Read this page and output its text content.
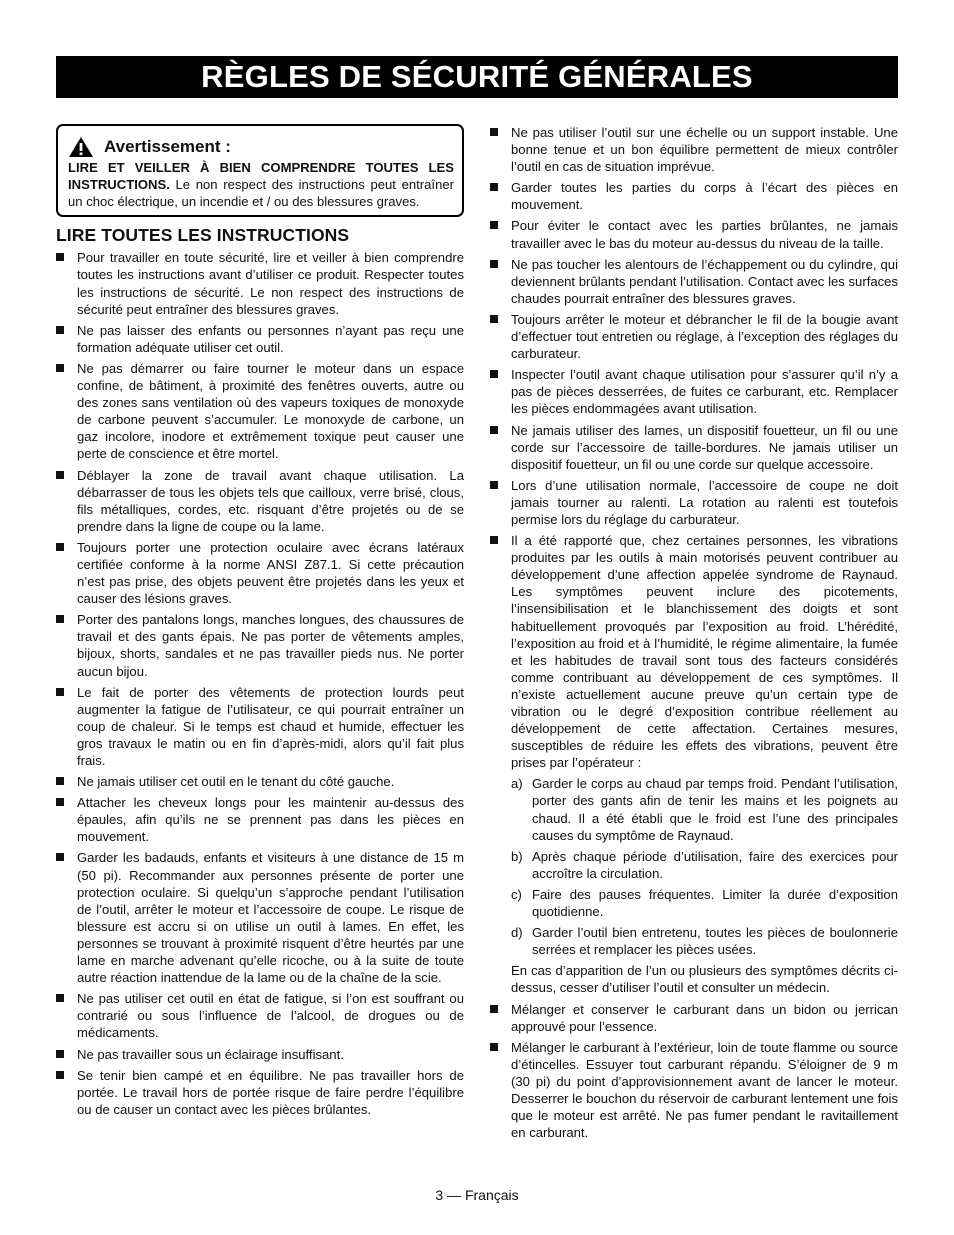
RÈGLES DE SÉCURITÉ GÉNÉRALES
Avertissement :
LIRE ET VEILLER À BIEN COMPRENDRE TOUTES LES INSTRUCTIONS. Le non respect des instructions peut entraîner un choc électrique, un incendie et / ou des blessures graves.
LIRE TOUTES LES INSTRUCTIONS
Pour travailler en toute sécurité, lire et veiller à bien comprendre toutes les instructions avant d’utiliser ce produit. Respecter toutes les instructions de sécurité. Le non respect des instructions de sécurité peut entraîner des blessures graves.
Ne pas laisser des enfants ou personnes n’ayant pas reçu une formation adéquate utiliser cet outil.
Ne pas démarrer ou faire tourner le moteur dans un espace confine, de bâtiment, à proximité des fenêtres ouverts, autre ou des zones sans ventilation où des vapeurs toxiques de monoxyde de carbone peuvent s’accumuler. Le monoxyde de carbone, un gaz incolore, inodore et extrêmement toxique peut causer une perte de conscience et être mortel.
Déblayer la zone de travail avant chaque utilisation. La débarrasser de tous les objets tels que cailloux, verre brisé, clous, fils métalliques, cordes, etc. risquant d’être projetés ou de se prendre dans la ligne de coupe ou la lame.
Toujours porter une protection oculaire avec écrans latéraux certifiée conforme à la norme ANSI Z87.1. Si cette précaution n’est pas prise, des objets peuvent être projetés dans les yeux et causer des lésions graves.
Porter des pantalons longs, manches longues, des chaussures de travail et des gants épais. Ne pas porter de vêtements amples, bijoux, shorts, sandales et ne pas travailler pieds nus. Ne porter aucun bijou.
Le fait de porter des vêtements de protection lourds peut augmenter la fatigue de l’utilisateur, ce qui pourrait entraîner un coup de chaleur. Si le temps est chaud et humide, effectuer les gros travaux le matin ou en fin d’après-midi, alors qu’il fait plus frais.
Ne jamais utiliser cet outil en le tenant du côté gauche.
Attacher les cheveux longs pour les maintenir au-dessus des épaules, afin qu’ils ne se prennent pas dans les pièces en mouvement.
Garder les badauds, enfants et visiteurs à une distance de 15 m (50 pi). Recommander aux personnes présente de porter une protection oculaire. Si quelqu’un s’approche pendant l’utilisation de l’outil, arrêter le moteur et l’accessoire de coupe. Le risque de blessure est accru si on utilise un outil à lames. En effet, les personnes se trouvant à proximité risquent d’être heurtés par une lame en marche advenant qu’elle ricoche, ou à la suite de toute autre réaction inattendue de la lame ou de la chaîne de la scie.
Ne pas utiliser cet outil en état de fatigue, si l’on est souffrant ou contrarié ou sous l’influence de l’alcool, de drogues ou de médicaments.
Ne pas travailler sous un éclairage insuffisant.
Se tenir bien campé et en équilibre. Ne pas travailler hors de portée. Le travail hors de portée risque de faire perdre l’équilibre ou de causer un contact avec les pièces brûlantes.
Ne pas utiliser l’outil sur une échelle ou un support instable. Une bonne tenue et un bon équilibre permettent de mieux contrôler l’outil en cas de situation imprévue.
Garder toutes les parties du corps à l’écart des pièces en mouvement.
Pour éviter le contact avec les parties brûlantes, ne jamais travailler avec le bas du moteur au-dessus du niveau de la taille.
Ne pas toucher les alentours de l’échappement ou du cylindre, qui deviennent brûlants pendant l’utilisation. Contact avec les surfaces chaudes pourrait entraîner des blessures graves.
Toujours arrêter le moteur et débrancher le fil de la bougie avant d’effectuer tout entretien ou réglage, à l’exception des réglages du carburateur.
Inspecter l’outil avant chaque utilisation pour s’assurer qu’il n’y a pas de pièces desserrées, de fuites ce carburant, etc. Remplacer les pièces endommagées avant utilisation.
Ne jamais utiliser des lames, un dispositif fouetteur, un fil ou une corde sur l’accessoire de taille-bordures. Ne jamais utiliser un dispositif fouetteur, un fil ou une corde sur quelque accessoire.
Lors d’une utilisation normale, l’accessoire de coupe ne doit jamais tourner au ralenti. La rotation au ralenti est toutefois permise lors du réglage du carburateur.
Il a été rapporté que, chez certaines personnes, les vibrations produites par les outils à main motorisés peuvent contribuer au développement d’une affection appelée syndrome de Raynaud. Les symptômes peuvent inclure des picotements, l’insensibilisation et le blanchissement des doigts et sont habituellement provoqués par l’exposition au froid. L’hérédité, l’exposition au froid et à l’humidité, le régime alimentaire, la fumée et les habitudes de travail sont tous des facteurs considérés comme contribuant au développement de ces symptômes. Il n’existe actuellement aucune preuve qu’un certain type de vibration ou le degré d’exposition contribue réellement au développement de cette affectation. Certaines mesures, susceptibles de réduire les effets des vibrations, peuvent être prises par l’opérateur :
a) Garder le corps au chaud par temps froid. Pendant l’utilisation, porter des gants afin de tenir les mains et les poignets au chaud. Il a été établi que le froid est l’une des principales causes du symptôme de Raynaud.
b) Après chaque période d’utilisation, faire des exercices pour accroître la circulation.
c) Faire des pauses fréquentes. Limiter la durée d’exposition quotidienne.
d) Garder l’outil bien entretenu, toutes les pièces de boulonnerie serrées et remplacer les pièces usées.
En cas d’apparition de l’un ou plusieurs des symptômes décrits ci-dessus, cesser d’utiliser l’outil et consulter un médecin.
Mélanger et conserver le carburant dans un bidon ou jerrican approuvé pour l’essence.
Mélanger le carburant à l’extérieur, loin de toute flamme ou source d’étincelles. Essuyer tout carburant répandu. S’éloigner de 9 m (30 pi) du point d’approvisionnement avant de lancer le moteur. Desserrer le bouchon du réservoir de carburant lentement une fois que le moteur est arrêté. Ne pas fumer pendant le ravitaillement en carburant.
3 — Français
